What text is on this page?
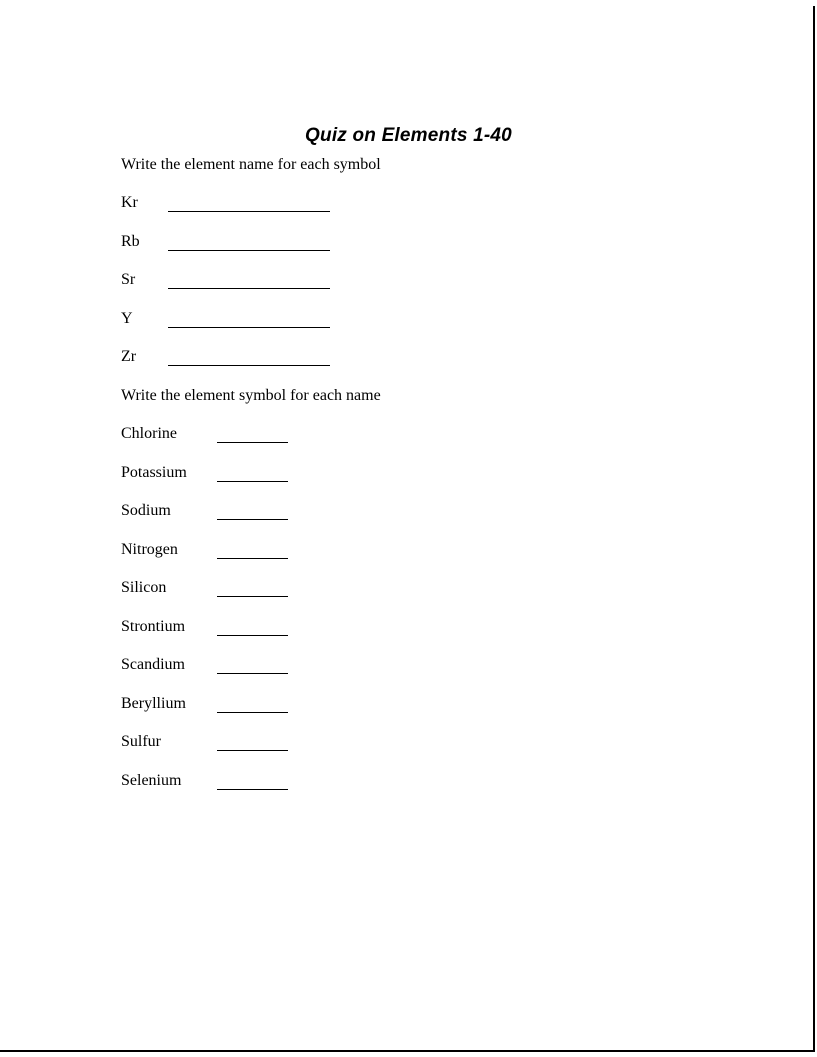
Quiz on Elements 1-40
Write the element name for each symbol
Kr
Rb
Sr
Y
Zr
Write the element symbol for each name
Chlorine
Potassium
Sodium
Nitrogen
Silicon
Strontium
Scandium
Beryllium
Sulfur
Selenium
